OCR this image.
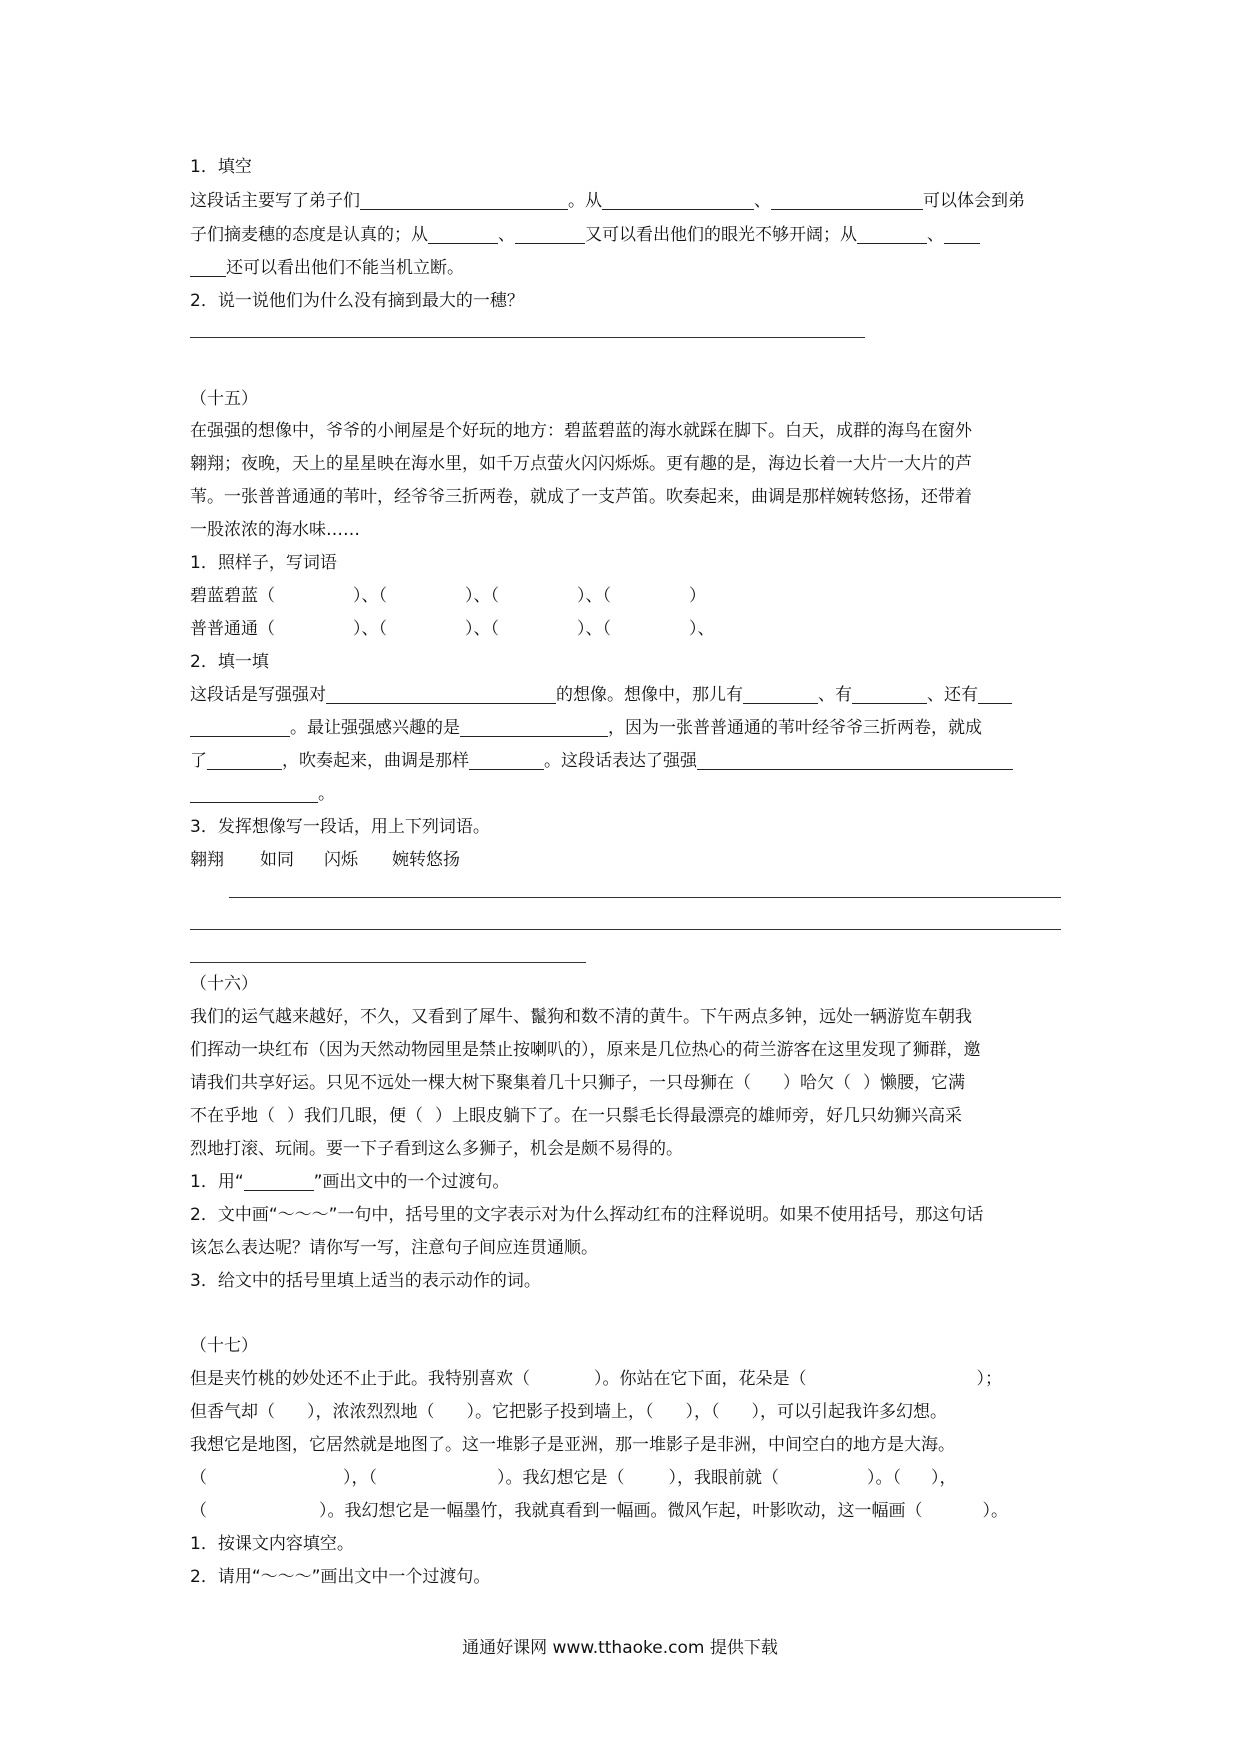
1．填空
这段话主要写了弟子们	。从	、	可以体会到弟
子们摘麦穗的态度是认真的；从	、	又可以看出他们的眼光不够开阔；从	、
还可以看出他们不能当机立断。
2．说一说他们为什么没有摘到最大的一穗？
（十五）
在强强的想像中，爷爷的小闸屋是个好玩的地方：碧蓝碧蓝的海水就踩在脚下。白天，成群的海鸟在窗外
翱翔；夜晚，天上的星星映在海水里，如千万点萤火闪闪烁烁。更有趣的是，海边长着一大片一大片的芦
苇。一张普普通通的苇叶，经爷爷三折两卷，就成了一支芦笛。吹奏起来，曲调是那样婉转悠扬，还带着
一股浓浓的海水味……
1．照样子，写词语
碧蓝碧蓝（	）、（	）、（	）、（	）
普普通通（	）、（	）、（	）、（	）、
2．填一填
这段话是写强强对	的想像。想像中，那儿有	、有	、还有
。最让强强感兴趣的是	，因为一张普普通通的苇叶经爷爷三折两卷，就成
了	，吹奏起来，曲调是那样	。这段话表达了强强
。
3．发挥想像写一段话，用上下列词语。
翱翔 如同 闪烁 婉转悠扬
（十六）
我们的运气越来越好，不久，又看到了犀牛、鬣狗和数不清的黄牛。下午两点多钟，远处一辆游览车朝我
们挥动一块红布（因为天然动物园里是禁止按喇叭的），原来是几位热心的荷兰游客在这里发现了狮群，邀
请我们共享好运。只见不远处一棵大树下聚集着几十只狮子，一只母狮在（ ）哈欠（ ）懒腰，它满
不在乎地（ ）我们几眼，便（ ）上眼皮躺下了。在一只鬃毛长得最漂亮的雄师旁，好几只幼狮兴高采
烈地打滚、玩闹。要一下子看到这么多狮子，机会是颇不易得的。
1．用“	”画出文中的一个过渡句。
2．文中画“～～～”一句中，括号里的文字表示对为什么挥动红布的注释说明。如果不使用括号，那这句话
该怎么表达呢？请你写一写，注意句子间应连贯通顺。
3．给文中的括号里填上适当的表示动作的词。
（十七）
但是夹竹桃的妙处还不止于此。我特别喜欢（	）。你站在它下面，花朵是（	）；
但香气却（ ），浓浓烈烈地（ ）。它把影子投到墙上，（ ），（ ），可以引起我许多幻想。
我想它是地图，它居然就是地图了。这一堆影子是亚洲，那一堆影子是非洲，中间空白的地方是大海。
（	），（	）。我幻想它是（	），我眼前就（	）。（ ），
（	）。我幻想它是一幅墨竹，我就真看到一幅画。微风乍起，叶影吹动，这一幅画（	）。
1．按课文内容填空。
2．请用“～～～”画出文中一个过渡句。
通通好课网 www.tthaoke.com 提供下载
